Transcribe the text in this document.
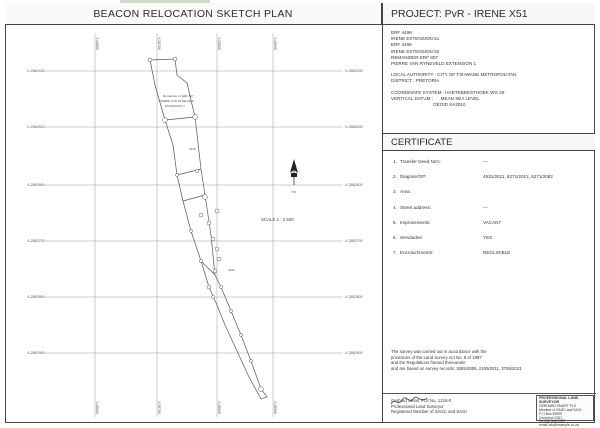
BEACON RELOCATION SKETCH PLAN
Y-28600	Y-28700	Y-28800	Y-28900
Y-28600	Y-28700	Y-28800	Y-28900
X-2862400
X-2862500
X-2862600
X-2862700
X-2862800
X-2862900
X-2862400
X-2862500
X-2862600
X-2862700
X-2862800
X-2862900
Remainder of ERF 807
PIERRE VAN RYNEVELD
EXTENSION 1
4498
4499
Y/N
SCALE 1 : 2 500
PROJECT: PvR - IRENE X51
ERF 4499
IRENE EXTENSION 51
ERF 4498
IRENE EXTENSION 50
REMAINDER ERF 807
PIERRE VAN RYNEVELD EXTENSION 1
LOCAL AUTHORITY : CITY OF TSHWANE METROPOLITAN
DISTRICT : PRETORIA
COORDINATE SYSTEM : HARTEBEESTHOEK WG 29
VERTICAL DATUM :      MEAN SEA LEVEL
GEOID SA2010
CERTIFICATE
1. Transfer Deed No's:	—
2. Diagram/GP:	4931/2011, 6271/2012, 6271/2082
3. Area:
4. Street address:	—
5. Improvements:	VACANT
6. Servitudes:	YES
7. Encroachments:	NEGLIGIBLE
The survey was carried out in accordance with the
provisions of the Land Survey Act No. 8 of 1997
and the Regulations framed thereunder
and are based on survey records: 3065/2006, 2109/2011, 3755/2021
Gerhard Smart PLS No. 1216-0
Professional Land Surveyor
Registered Member of SAGC and SAGI
PROFESSIONAL LAND SURVEYOR
GERHARD SMART PLS
Member of SAGC and SAGI
P O Box 99999
Centurion 0157
Tel 012 345 6789
email info@example.co.za
